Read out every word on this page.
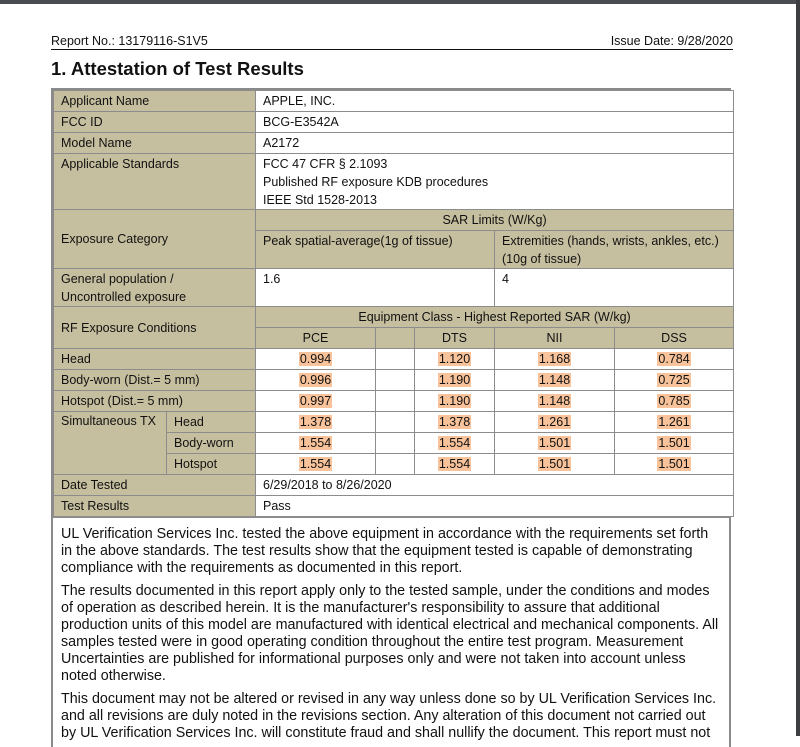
Report No.: 13179116-S1V5	Issue Date: 9/28/2020
1. Attestation of Test Results
Applicant Name		APPLE, INC.				
FCC ID		BCG-E3542A				
Model Name		A2172				
Applicable Standards		FCC 47 CFR § 2.1093
Published RF exposure KDB procedures
IEEE Std 1528-2013				

Exposure Category		SAR Limits (W/Kg)				
		Peak spatial-average(1g of tissue)			Extremities (hands, wrists, ankles, etc.)
(10g of tissue)	

General population /
Uncontrolled exposure		1.6			4	
RF Exposure Conditions		Equipment Class - Highest Reported SAR (W/kg)				
		PCE		DTS	NII	DSS
Head		0.994		1.120	1.168	0.784
Body-worn (Dist.= 5 mm)		0.996		1.190	1.148	0.725
Hotspot (Dist.= 5 mm)		0.997		1.190	1.148	0.785
Simultaneous TX	Head	1.378		1.378	1.261	1.261
	Body-worn	1.554		1.554	1.501	1.501
	Hotspot	1.554		1.554	1.501	1.501
Date Tested		6/29/2018 to 8/26/2020				
Test Results		Pass				

UL Verification Services Inc. tested the above equipment in accordance with the requirements set forth in the above standards. The test results show that the equipment tested is capable of demonstrating compliance with the requirements as documented in this report.

The results documented in this report apply only to the tested sample, under the conditions and modes of operation as described herein. It is the manufacturer's responsibility to assure that additional production units of this model are manufactured with identical electrical and mechanical components. All samples tested were in good operating condition throughout the entire test program. Measurement Uncertainties are published for informational purposes only and were not taken into account unless noted otherwise.

This document may not be altered or revised in any way unless done so by UL Verification Services Inc. and all revisions are duly noted in the revisions section. Any alteration of this document not carried out by UL Verification Services Inc. will constitute fraud and shall nullify the document. This report must not
